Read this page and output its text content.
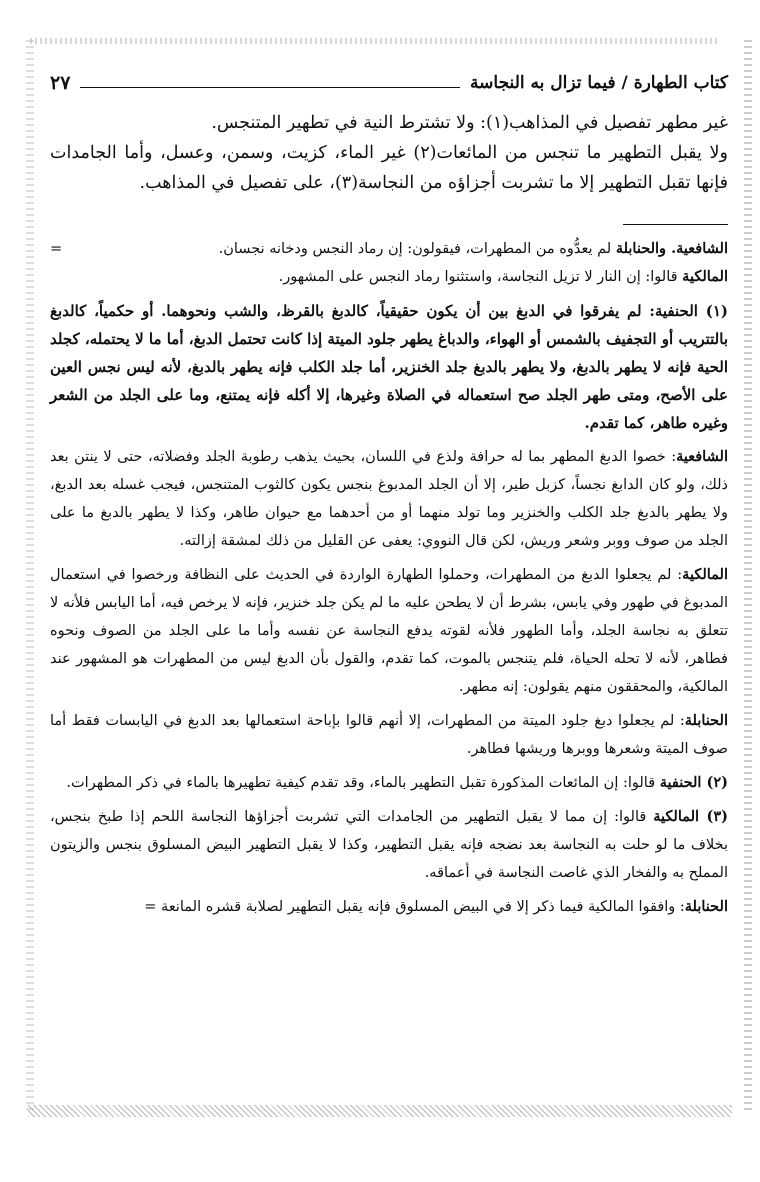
كتاب الطهارة / فيما تزال به النجاسة
٢٧

غير مطهر تفصيل في المذاهب(١): ولا تشترط النية في تطهير المتنجس.

ولا يقبل التطهير ما تنجس من المائعات(٢) غير الماء، كزيت، وسمن، وعسل، وأما الجامدات فإنها تقبل التطهير إلا ما تشربت أجزاؤه من النجاسة(٣)، على تفصيل في المذاهب.

الشافعية. والحنابلة لم يعدُّوه من المطهرات، فيقولون: إن رماد النجس ودخانه نجسان.
=

المالكية قالوا: إن النار لا تزيل النجاسة، واستثنوا رماد النجس على المشهور.

(١) الحنفية: لم يفرقوا في الدبغ بين أن يكون حقيقياً، كالدبغ بالقرظ، والشب ونحوهما. أو حكمياً، كالدبغ بالتتريب أو التجفيف بالشمس أو الهواء، والدباغ يطهر جلود الميتة إذا كانت تحتمل الدبغ، أما ما لا يحتمله، كجلد الحية فإنه لا يطهر بالدبغ، ولا يطهر بالدبغ جلد الخنزير، أما جلد الكلب فإنه يطهر بالدبغ، لأنه ليس نجس العين على الأصح، ومتى طهر الجلد صح استعماله في الصلاة وغيرها، إلا أكله فإنه يمتنع، وما على الجلد من الشعر وغيره طاهر، كما تقدم.

الشافعية: خصوا الدبغ المطهر بما له حرافة ولذع في اللسان، بحيث يذهب رطوبة الجلد وفضلاته، حتى لا ينتن بعد ذلك، ولو كان الدابغ نجساً، كزبل طير، إلا أن الجلد المدبوغ بنجس يكون كالثوب المتنجس، فيجب غسله بعد الدبغ، ولا يطهر بالدبغ جلد الكلب والخنزير وما تولد منهما أو من أحدهما مع حيوان طاهر، وكذا لا يطهر بالدبغ ما على الجلد من صوف ووبر وشعر وريش، لكن قال النووي: يعفى عن القليل من ذلك لمشقة إزالته.

المالكية: لم يجعلوا الدبغ من المطهرات، وحملوا الطهارة الواردة في الحديث على النظافة ورخصوا في استعمال المدبوغ في طهور وفي يابس، بشرط أن لا يطحن عليه ما لم يكن جلد خنزير، فإنه لا يرخص فيه، أما اليابس فلأنه لا تتعلق به نجاسة الجلد، وأما الطهور فلأنه لقوته يدفع النجاسة عن نفسه وأما ما على الجلد من الصوف ونحوه فطاهر، لأنه لا تحله الحياة، فلم يتنجس بالموت، كما تقدم، والقول بأن الدبغ ليس من المطهرات هو المشهور عند المالكية، والمحققون منهم يقولون: إنه مطهر.

الحنابلة: لم يجعلوا دبغ جلود الميتة من المطهرات، إلا أنهم قالوا بإباحة استعمالها بعد الدبغ في اليابسات فقط أما صوف الميتة وشعرها ووبرها وريشها فطاهر.

(٢) الحنفية قالوا: إن المائعات المذكورة تقبل التطهير بالماء، وقد تقدم كيفية تطهيرها بالماء في ذكر المطهرات.

(٣) المالكية قالوا: إن مما لا يقبل التطهير من الجامدات التي تشربت أجزاؤها النجاسة اللحم إذا طبخ بنجس، بخلاف ما لو حلت به النجاسة بعد نضجه فإنه يقبل التطهير، وكذا لا يقبل التطهير البيض المسلوق بنجس والزيتون المملح به والفخار الذي غاصت النجاسة في أعماقه.

الحنابلة: وافقوا المالكية فيما ذكر إلا في البيض المسلوق فإنه يقبل التطهير لصلابة قشره المانعة =
